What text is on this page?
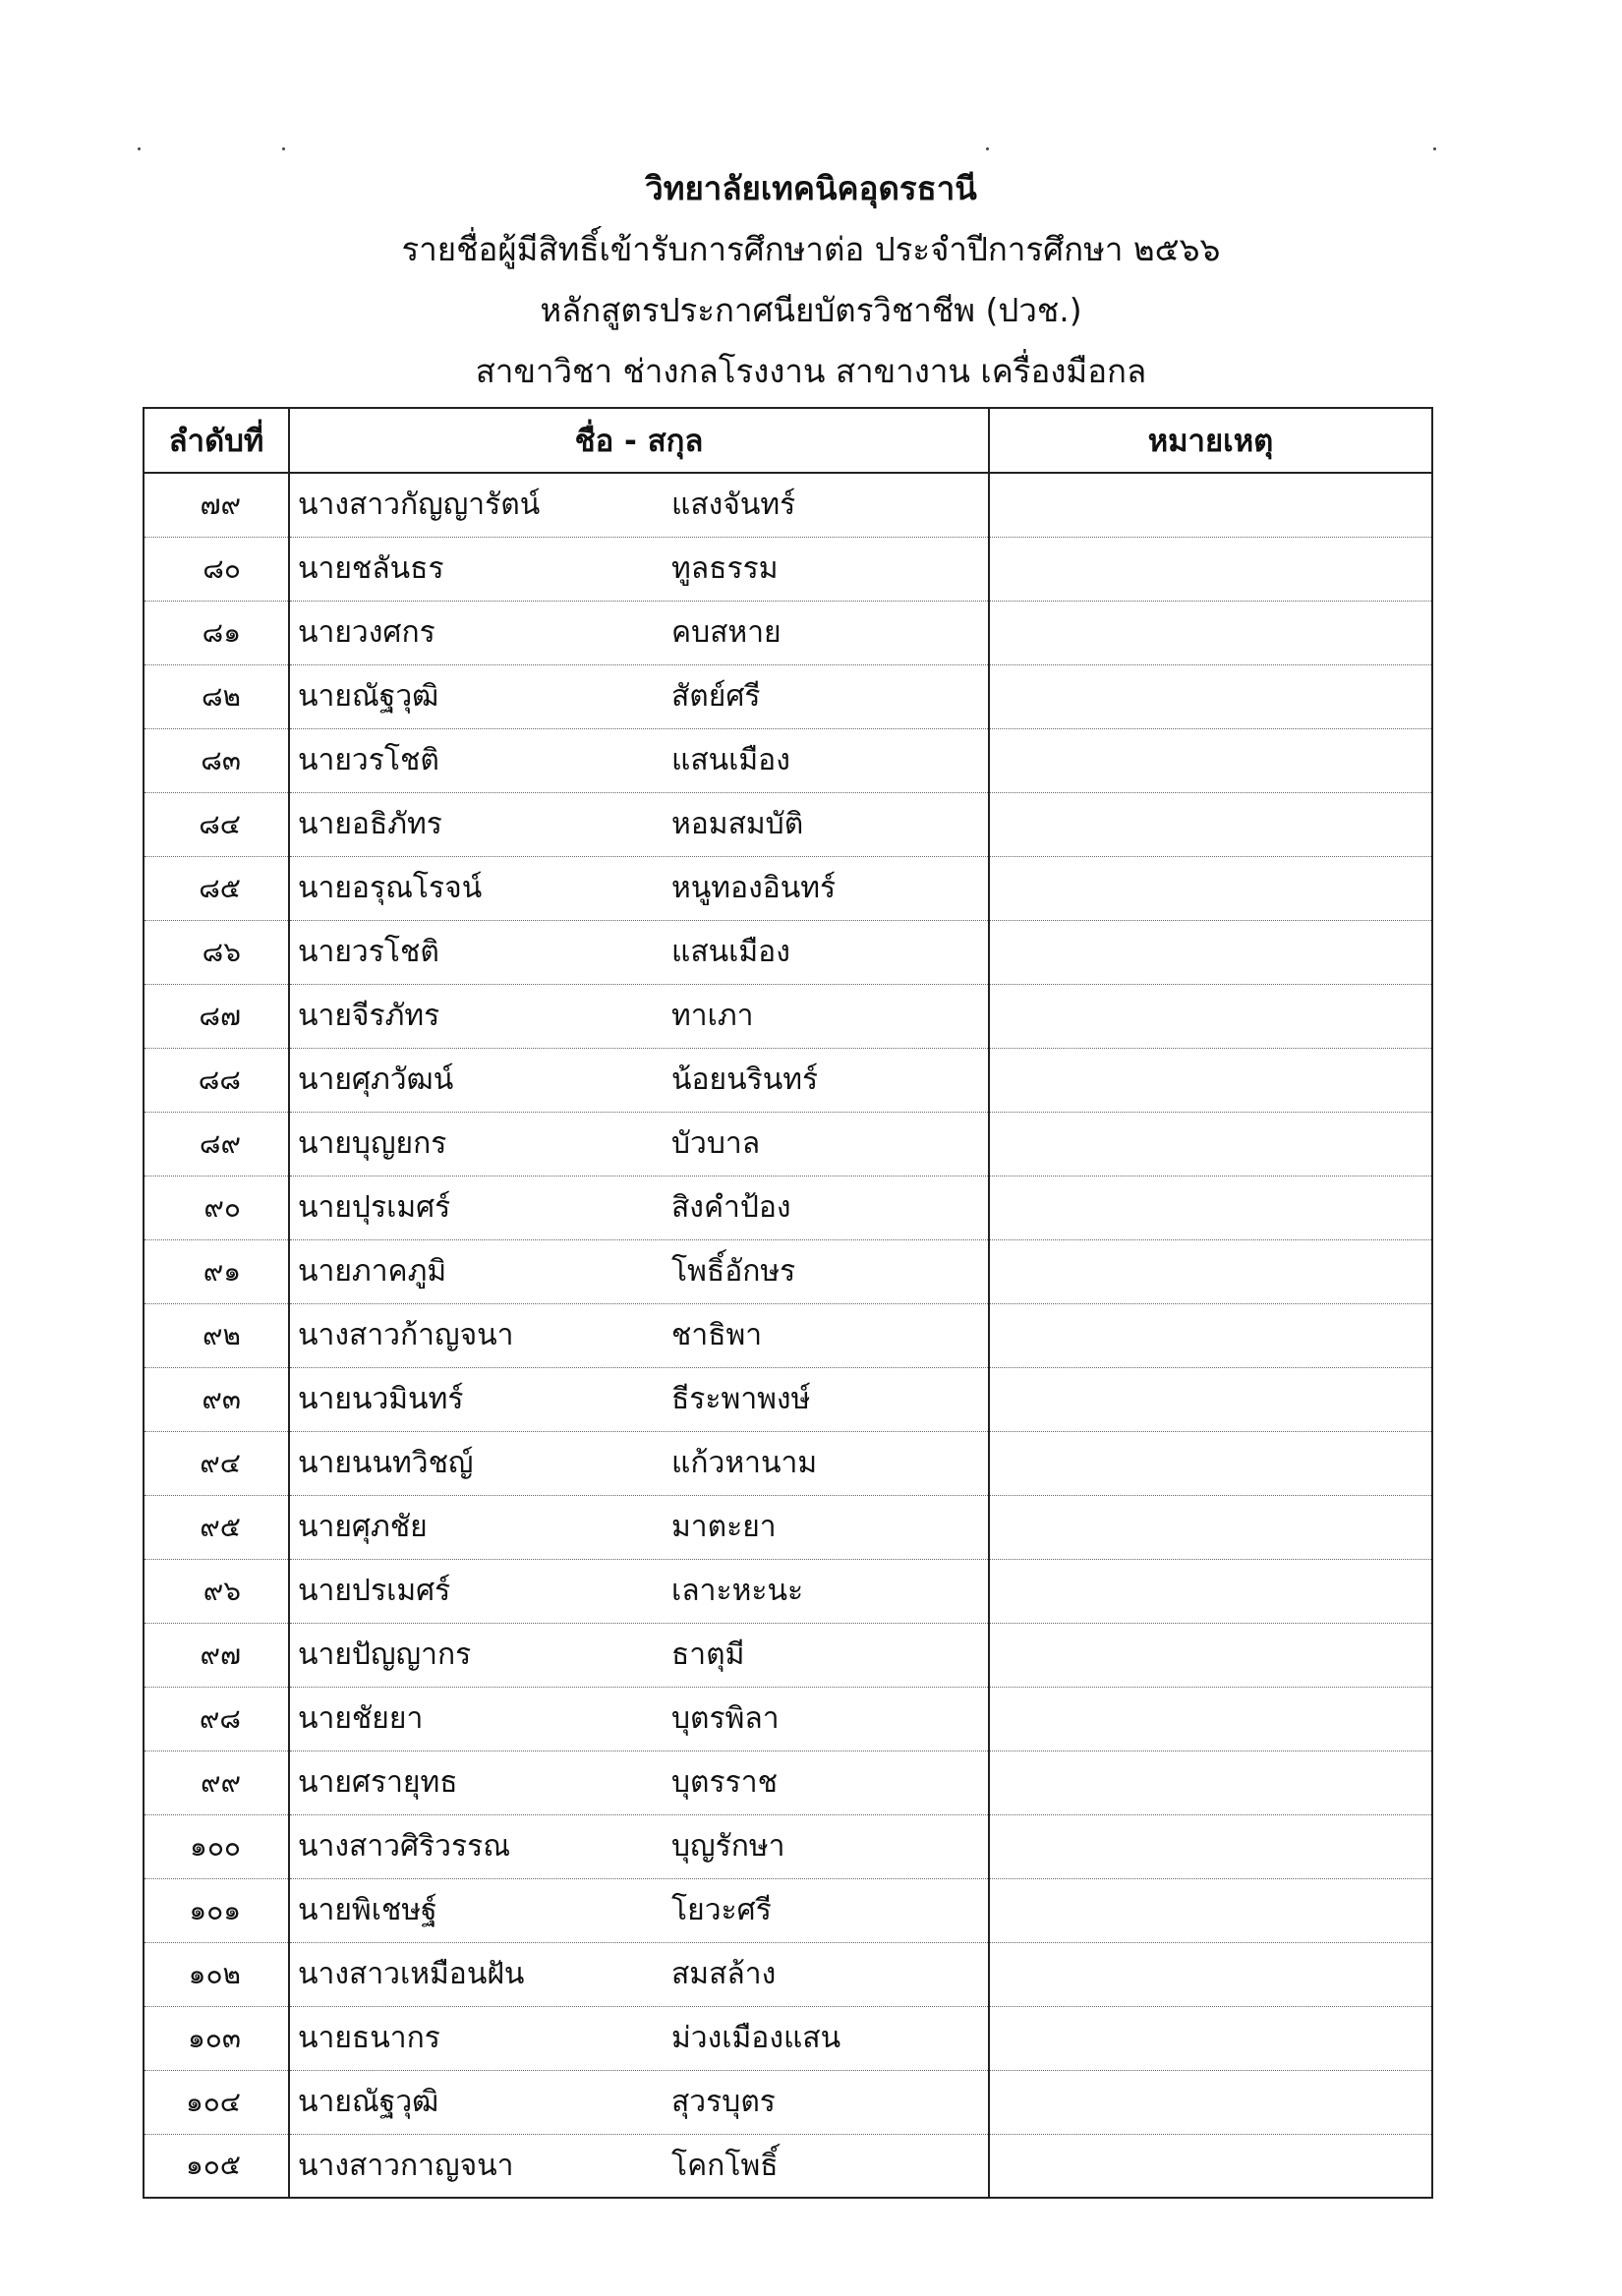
วิทยาลัยเทคนิคอุดรธานี
รายชื่อผู้มีสิทธิ์เข้ารับการศึกษาต่อ ประจำปีการศึกษา ๒๕๖๖
หลักสูตรประกาศนียบัตรวิชาชีพ (ปวช.)
สาขาวิชา ช่างกลโรงงาน สาขางาน เครื่องมือกล
ลำดับที่	ชื่อ - สกุล	หมายเหตุ
๗๙	นางสาวกัญญารัตน์ แสงจันทร์	
๘๐	นายชลันธร ทูลธรรม	
๘๑	นายวงศกร คบสหาย	
๘๒	นายณัฐวุฒิ สัตย์ศรี	
๘๓	นายวรโชติ แสนเมือง	
๘๔	นายอธิภัทร หอมสมบัติ	
๘๕	นายอรุณโรจน์ หนูทองอินทร์	
๘๖	นายวรโชติ แสนเมือง	
๘๗	นายจีรภัทร ทาเภา	
๘๘	นายศุภวัฒน์ น้อยนรินทร์	
๘๙	นายบุญยกร บัวบาล	
๙๐	นายปุรเมศร์ สิงคำป้อง	
๙๑	นายภาคภูมิ โพธิ์อักษร	
๙๒	นางสาวก้าญจนา ชาธิพา	
๙๓	นายนวมินทร์ ธีระพาพงษ์	
๙๔	นายนนทวิชญ์ แก้วหานาม	
๙๕	นายศุภชัย มาตะยา	
๙๖	นายปรเมศร์ เลาะหะนะ	
๙๗	นายปัญญากร ธาตุมี	
๙๘	นายชัยยา บุตรพิลา	
๙๙	นายศรายุทธ บุตรราช	
๑๐๐	นางสาวศิริวรรณ บุญรักษา	
๑๐๑	นายพิเชษฐ์ โยวะศรี	
๑๐๒	นางสาวเหมือนฝัน สมสล้าง	
๑๐๓	นายธนากร ม่วงเมืองแสน	
๑๐๔	นายณัฐวุฒิ สุวรบุตร	
๑๐๕	นางสาวกาญจนา โคกโพธิ์	
